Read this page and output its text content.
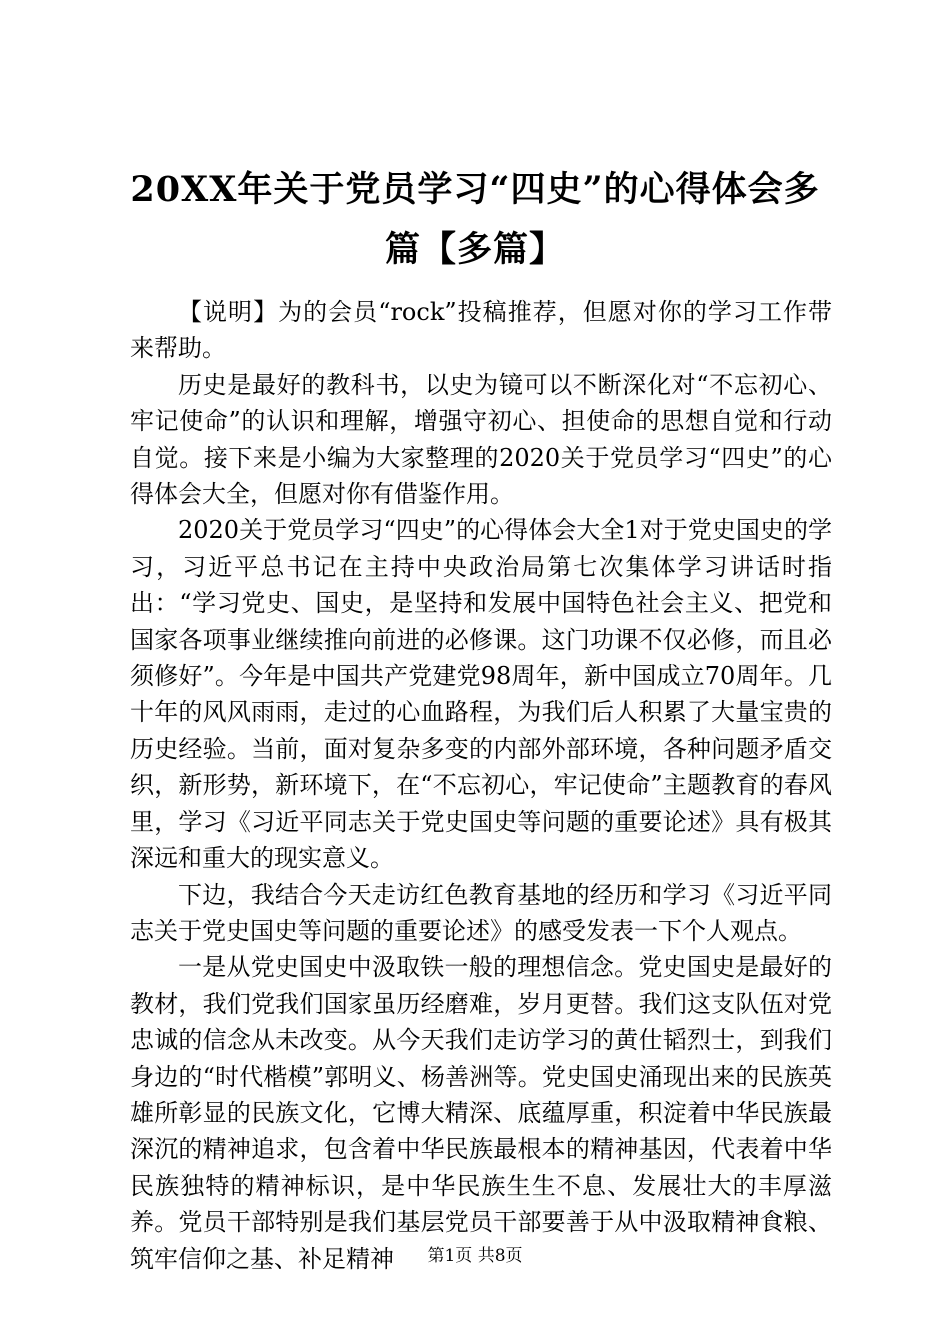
20XX年关于党员学习“四史”的心得体会多篇【多篇】

【说明】为的会员“rock”投稿推荐，但愿对你的学习工作带来帮助。

历史是最好的教科书，以史为镜可以不断深化对“不忘初心、牢记使命”的认识和理解，增强守初心、担使命的思想自觉和行动自觉。接下来是小编为大家整理的2020关于党员学习“四史”的心得体会大全，但愿对你有借鉴作用。

2020关于党员学习“四史”的心得体会大全1对于党史国史的学习，习近平总书记在主持中央政治局第七次集体学习讲话时指出：“学习党史、国史，是坚持和发展中国特色社会主义、把党和国家各项事业继续推向前进的必修课。这门功课不仅必修，而且必须修好”。今年是中国共产党建党98周年，新中国成立70周年。几十年的风风雨雨，走过的心血路程，为我们后人积累了大量宝贵的历史经验。当前，面对复杂多变的内部外部环境，各种问题矛盾交织，新形势，新环境下，在“不忘初心，牢记使命”主题教育的春风里，学习《习近平同志关于党史国史等问题的重要论述》具有极其深远和重大的现实意义。

下边，我结合今天走访红色教育基地的经历和学习《习近平同志关于党史国史等问题的重要论述》的感受发表一下个人观点。

一是从党史国史中汲取铁一般的理想信念。党史国史是最好的教材，我们党我们国家虽历经磨难，岁月更替。我们这支队伍对党忠诚的信念从未改变。从今天我们走访学习的黄仕韬烈士，到我们身边的“时代楷模”郭明义、杨善洲等。党史国史涌现出来的民族英雄所彰显的民族文化，它博大精深、底蕴厚重，积淀着中华民族最深沉的精神追求，包含着中华民族最根本的精神基因，代表着中华民族独特的精神标识，是中华民族生生不息、发展壮大的丰厚滋养。党员干部特别是我们基层党员干部要善于从中汲取精神食粮、筑牢信仰之基、补足精神	第1页 共8页
